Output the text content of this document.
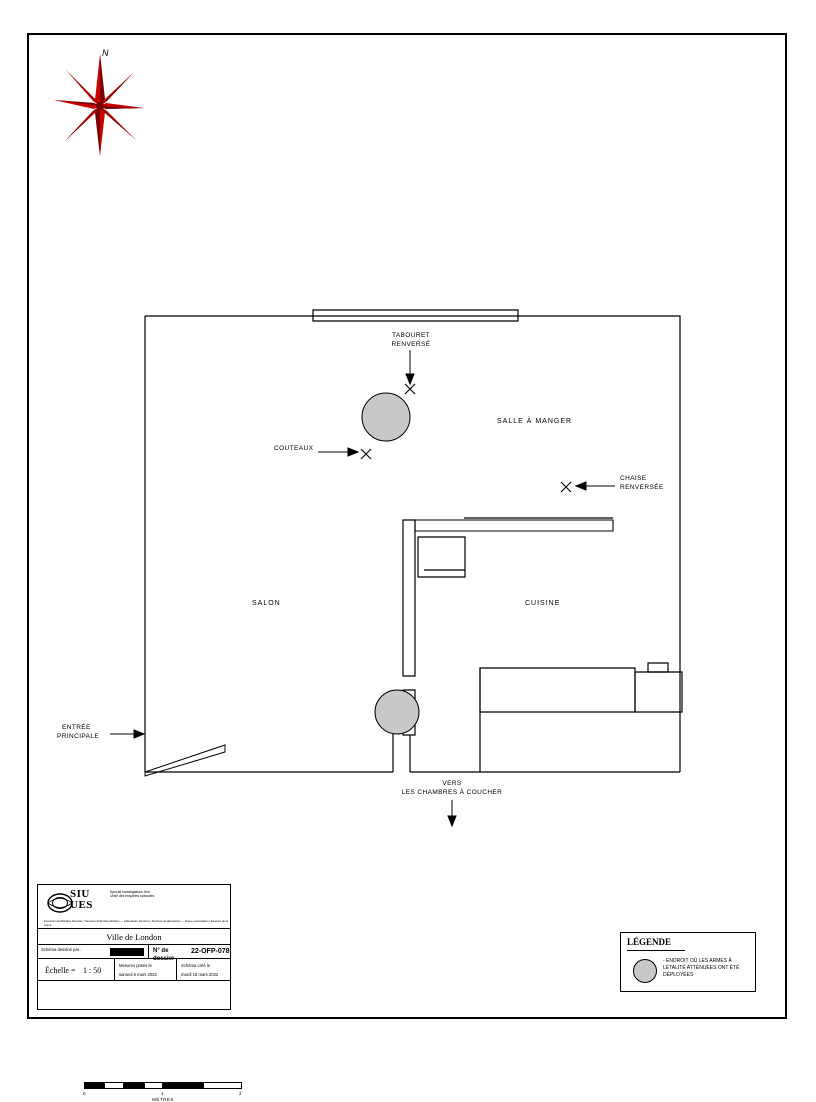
N
SALLE À MANGER
CUISINE
SALON
TABOURET
RENVERSÉ
COUTEAUX
CHAISE
RENVERSÉE
ENTRÉE
PRINCIPALE
VERS
LES CHAMBRES À COUCHER
SIU
UES
Special Investigations Unit
Unité des enquêtes spéciales
Forensic Identification Services / Services d'identité judiciaire — Laboratoire Services / Services de laboratoire — Scene examination / Examen de la scène
Ville de London
Schéma dessiné par :	N° de dossier
22-OFP-078
Échelle = 1 : 50
Mesures prises le
samedi 5 mars 2022
Schéma créé le
mardi 15 mars 2022
0	1	2
MÈTRES
LÉGENDE
- ENDROIT OÙ LES ARMES À LÉTALITÉ ATTÉNUÉES ONT ÉTÉ DÉPLOYÉES
